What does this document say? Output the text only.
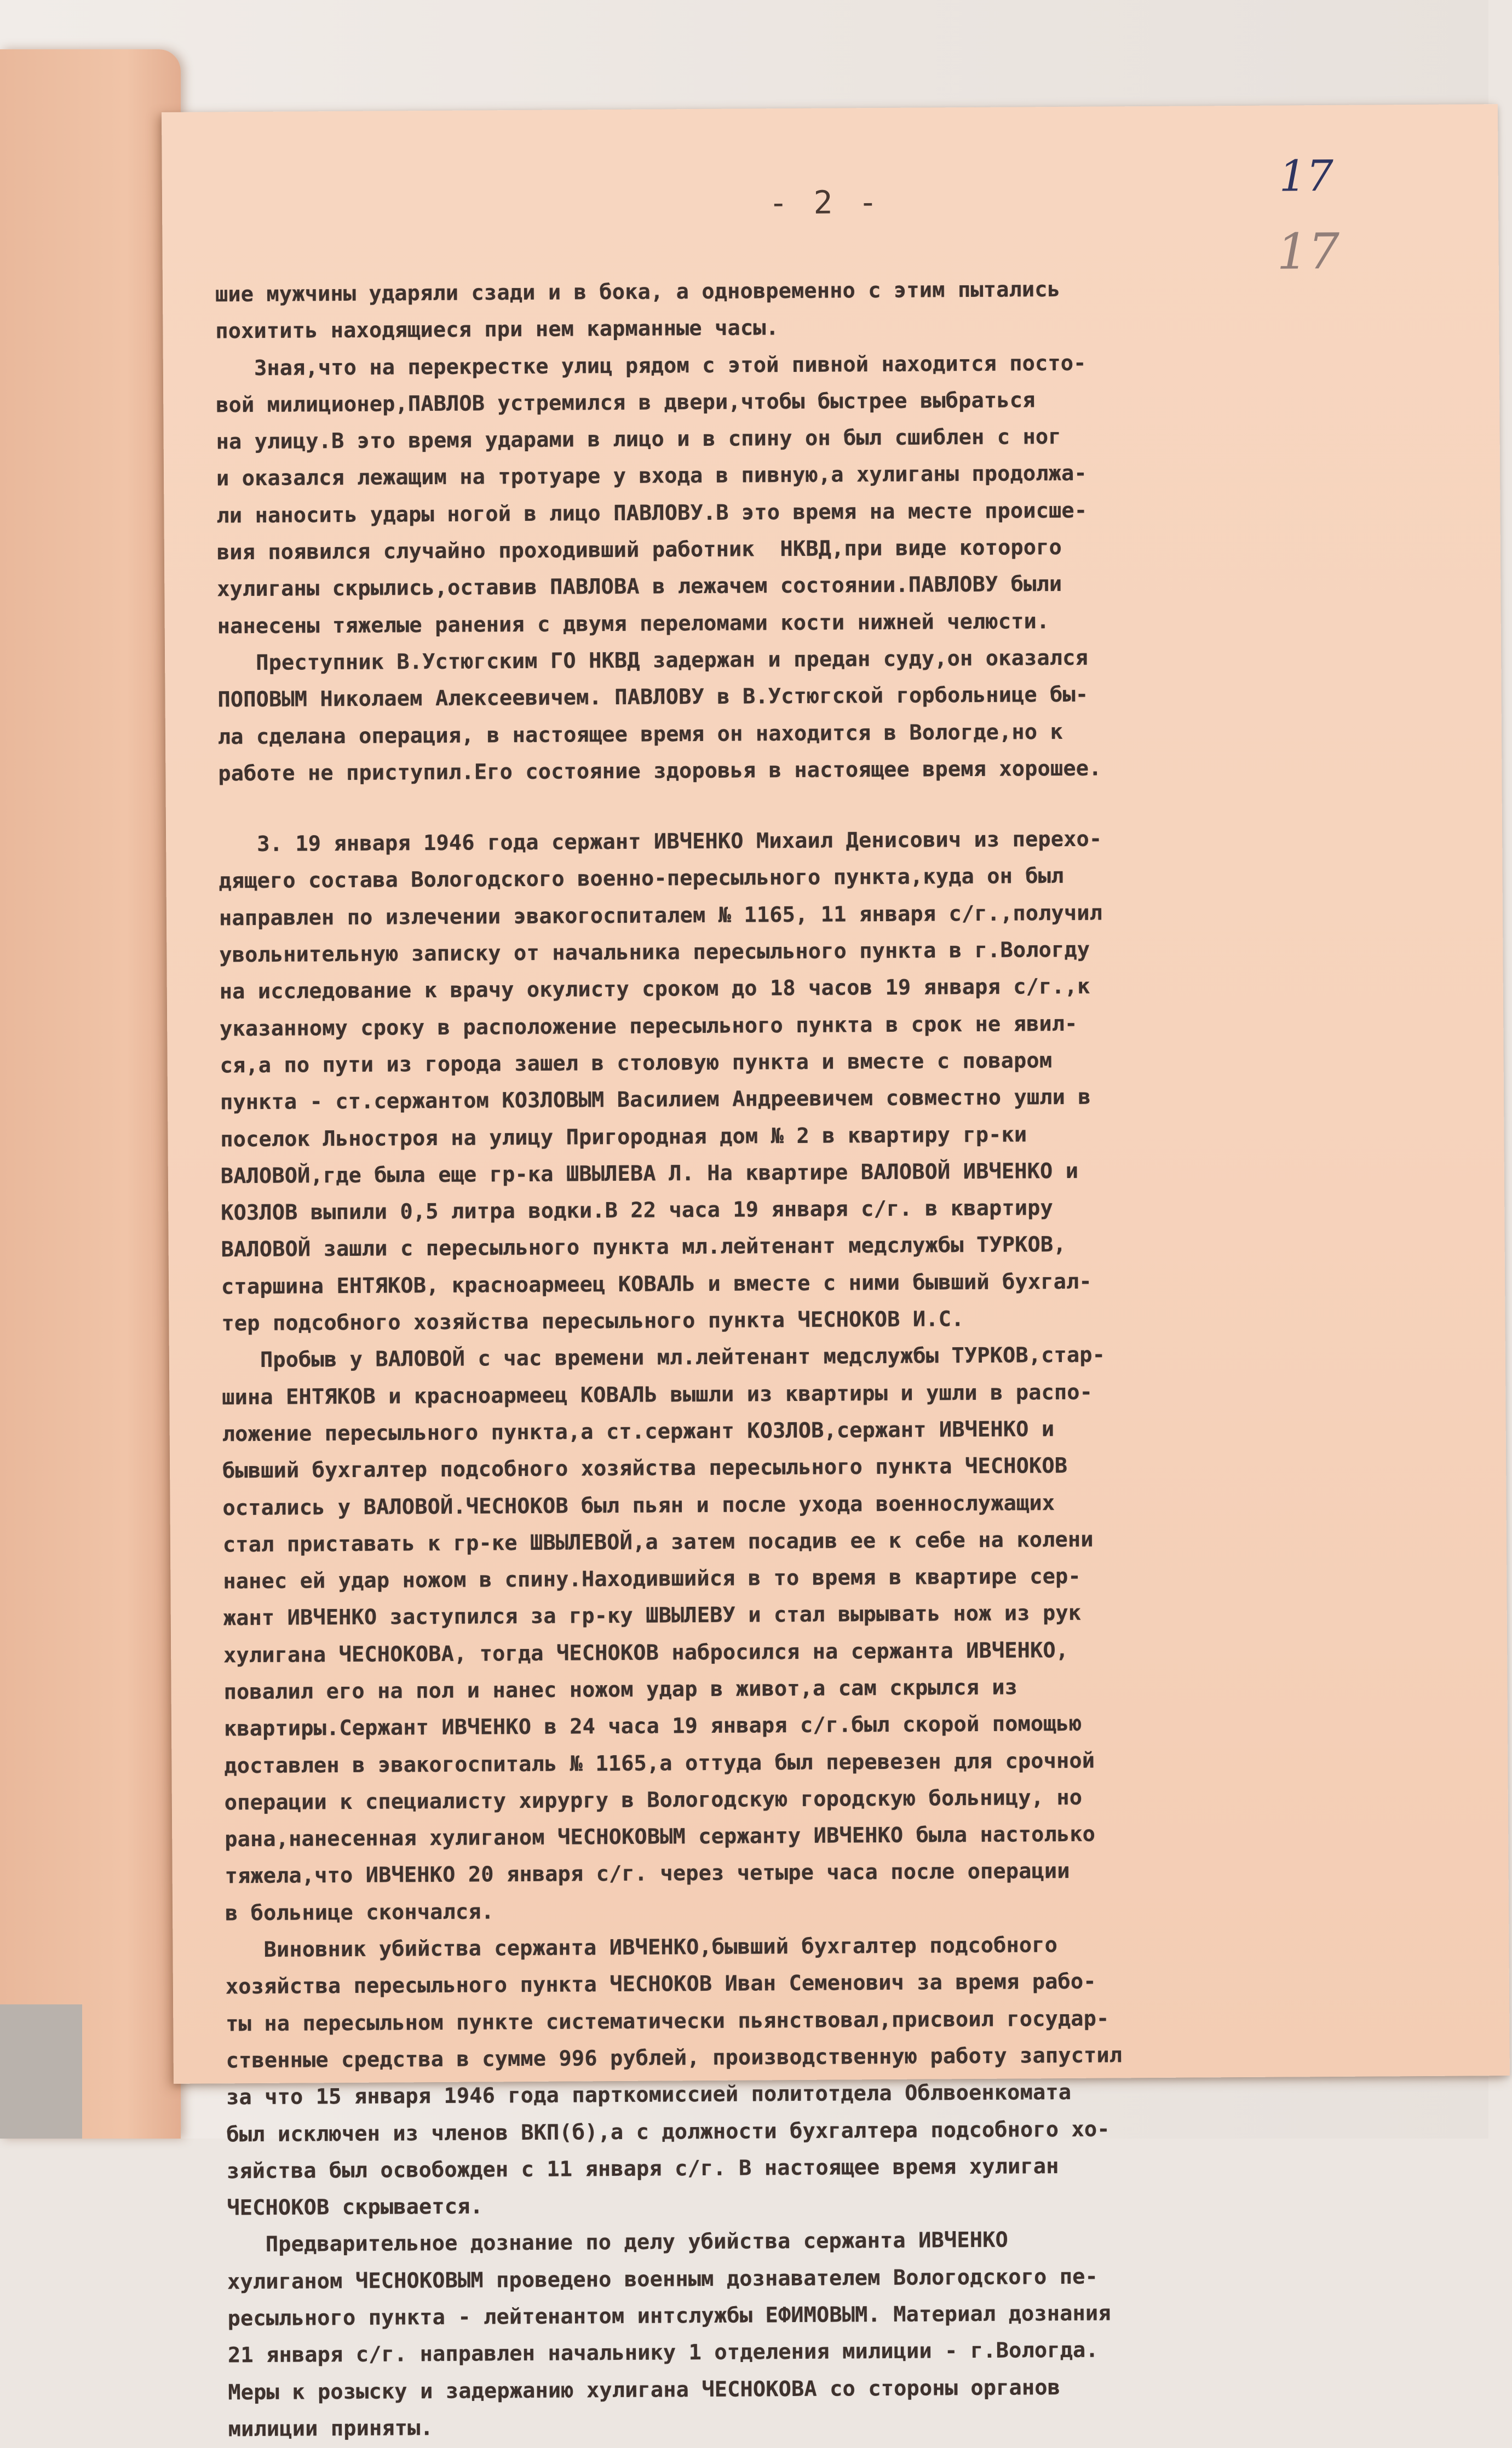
- 2 -
17
17
шие мужчины ударяли сзади и в бока, а одновременно с этим пытались
похитить находящиеся при нем карманные часы.
Зная,что на перекрестке улиц рядом с этой пивной находится посто-
вой милиционер,ПАВЛОВ устремился в двери,чтобы быстрее выбраться
на улицу.В это время ударами в лицо и в спину он был сшиблен с ног
и оказался лежащим на тротуаре у входа в пивную,а хулиганы продолжа-
ли наносить удары ногой в лицо ПАВЛОВУ.В это время на месте происше-
вия появился случайно проходивший работник  НКВД,при виде которого
хулиганы скрылись,оставив ПАВЛОВА в лежачем состоянии.ПАВЛОВУ были
нанесены тяжелые ранения с двумя переломами кости нижней челюсти.
Преступник В.Устюгским ГО НКВД задержан и предан суду,он оказался
ПОПОВЫМ Николаем Алексеевичем. ПАВЛОВУ в В.Устюгской горбольнице бы-
ла сделана операция, в настоящее время он находится в Вологде,но к
работе не приступил.Его состояние здоровья в настоящее время хорошее.
3. 19 января 1946 года сержант ИВЧЕНКО Михаил Денисович из перехо-
дящего состава Вологодского военно-пересыльного пункта,куда он был
направлен по излечении эвакогоспиталем № 1165, 11 января с/г.,получил
увольнительную записку от начальника пересыльного пункта в г.Вологду
на исследование к врачу окулисту сроком до 18 часов 19 января с/г.,к
указанному сроку в расположение пересыльного пункта в срок не явил-
ся,а по пути из города зашел в столовую пункта и вместе с поваром
пункта - ст.сержантом КОЗЛОВЫМ Василием Андреевичем совместно ушли в
поселок Льностроя на улицу Пригородная дом № 2 в квартиру гр-ки
ВАЛОВОЙ,где была еще гр-ка ШВЫЛЕВА Л. На квартире ВАЛОВОЙ ИВЧЕНКО и
КОЗЛОВ выпили 0,5 литра водки.В 22 часа 19 января с/г. в квартиру
ВАЛОВОЙ зашли с пересыльного пункта мл.лейтенант медслужбы ТУРКОВ,
старшина ЕНТЯКОВ, красноармеец КОВАЛЬ и вместе с ними бывший бухгал-
тер подсобного хозяйства пересыльного пункта ЧЕСНОКОВ И.С.
Пробыв у ВАЛОВОЙ с час времени мл.лейтенант медслужбы ТУРКОВ,стар-
шина ЕНТЯКОВ и красноармеец КОВАЛЬ вышли из квартиры и ушли в распо-
ложение пересыльного пункта,а ст.сержант КОЗЛОВ,сержант ИВЧЕНКО и
бывший бухгалтер подсобного хозяйства пересыльного пункта ЧЕСНОКОВ
остались у ВАЛОВОЙ.ЧЕСНОКОВ был пьян и после ухода военнослужащих
стал приставать к гр-ке ШВЫЛЕВОЙ,а затем посадив ее к себе на колени
нанес ей удар ножом в спину.Находившийся в то время в квартире сер-
жант ИВЧЕНКО заступился за гр-ку ШВЫЛЕВУ и стал вырывать нож из рук
хулигана ЧЕСНОКОВА, тогда ЧЕСНОКОВ набросился на сержанта ИВЧЕНКО,
повалил его на пол и нанес ножом удар в живот,а сам скрылся из
квартиры.Сержант ИВЧЕНКО в 24 часа 19 января с/г.был скорой помощью
доставлен в эвакогоспиталь № 1165,а оттуда был перевезен для срочной
операции к специалисту хирургу в Вологодскую городскую больницу, но
рана,нанесенная хулиганом ЧЕСНОКОВЫМ сержанту ИВЧЕНКО была настолько
тяжела,что ИВЧЕНКО 20 января с/г. через четыре часа после операции
в больнице скончался.
Виновник убийства сержанта ИВЧЕНКО,бывший бухгалтер подсобного
хозяйства пересыльного пункта ЧЕСНОКОВ Иван Семенович за время рабо-
ты на пересыльном пункте систематически пьянствовал,присвоил государ-
ственные средства в сумме 996 рублей, производственную работу запустил
за что 15 января 1946 года парткомиссией политотдела Облвоенкомата
был исключен из членов ВКП(б),а с должности бухгалтера подсобного хо-
зяйства был освобожден с 11 января с/г. В настоящее время хулиган
ЧЕСНОКОВ скрывается.
Предварительное дознание по делу убийства сержанта ИВЧЕНКО
хулиганом ЧЕСНОКОВЫМ проведено военным дознавателем Вологодского пе-
ресыльного пункта - лейтенантом интслужбы ЕФИМОВЫМ. Материал дознания
21 января с/г. направлен начальнику 1 отделения милиции - г.Вологда.
Меры к розыску и задержанию хулигана ЧЕСНОКОВА со стороны органов
милиции приняты.
